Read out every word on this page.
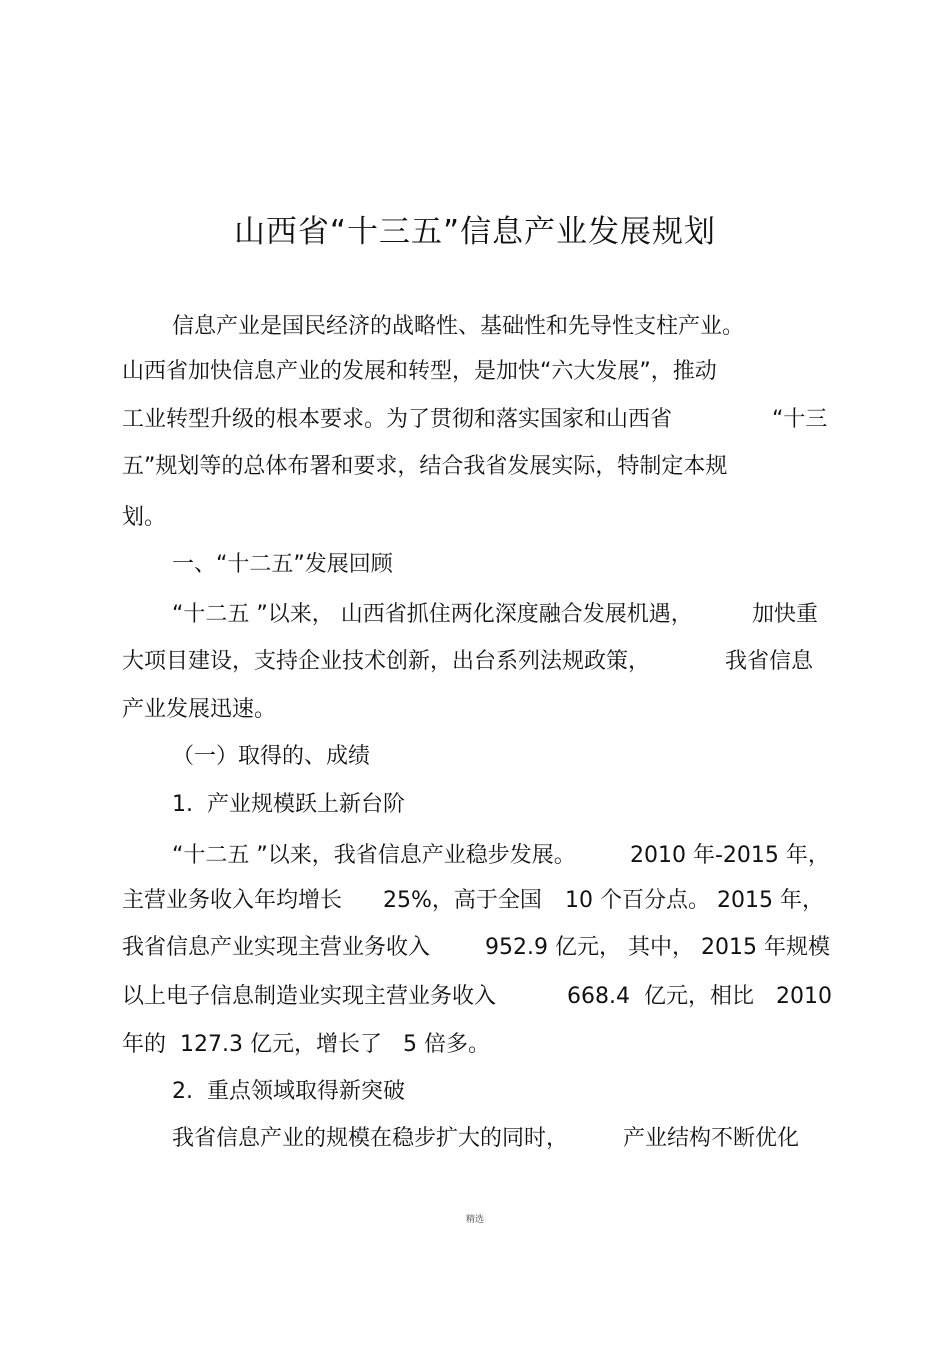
山西省“十三五”信息产业发展规划
信息产业是国民经济的战略性、基础性和先导性支柱产业。
山西省加快信息产业的发展和转型，是加快“六大发展”，推动
工业转型升级的根本要求。为了贯彻和落实国家和山西省	“十三
五”规划等的总体布署和要求，结合我省发展实际，特制定本规
划。
一、“十二五”发展回顾
“十二五 ”以来， 山西省抓住两化深度融合发展机遇，	加快重
大项目建设，支持企业技术创新，出台系列法规政策，	我省信息
产业发展迅速。
（一）取得的、成绩
1.  产业规模跃上新台阶
“十二五 ”以来，我省信息产业稳步发展。 2010 年-2015 年，
主营业务收入年均增长 25%，高于全国 10 个百分点。 2015 年，
我省信息产业实现主营业务收入 952.9 亿元， 其中， 2015 年规模
以上电子信息制造业实现主营业务收入	668.4  亿元，相比 2010
年的  127.3 亿元，增长了 5 倍多。
2.  重点领域取得新突破
我省信息产业的规模在稳步扩大的同时， 产业结构不断优化
精选
